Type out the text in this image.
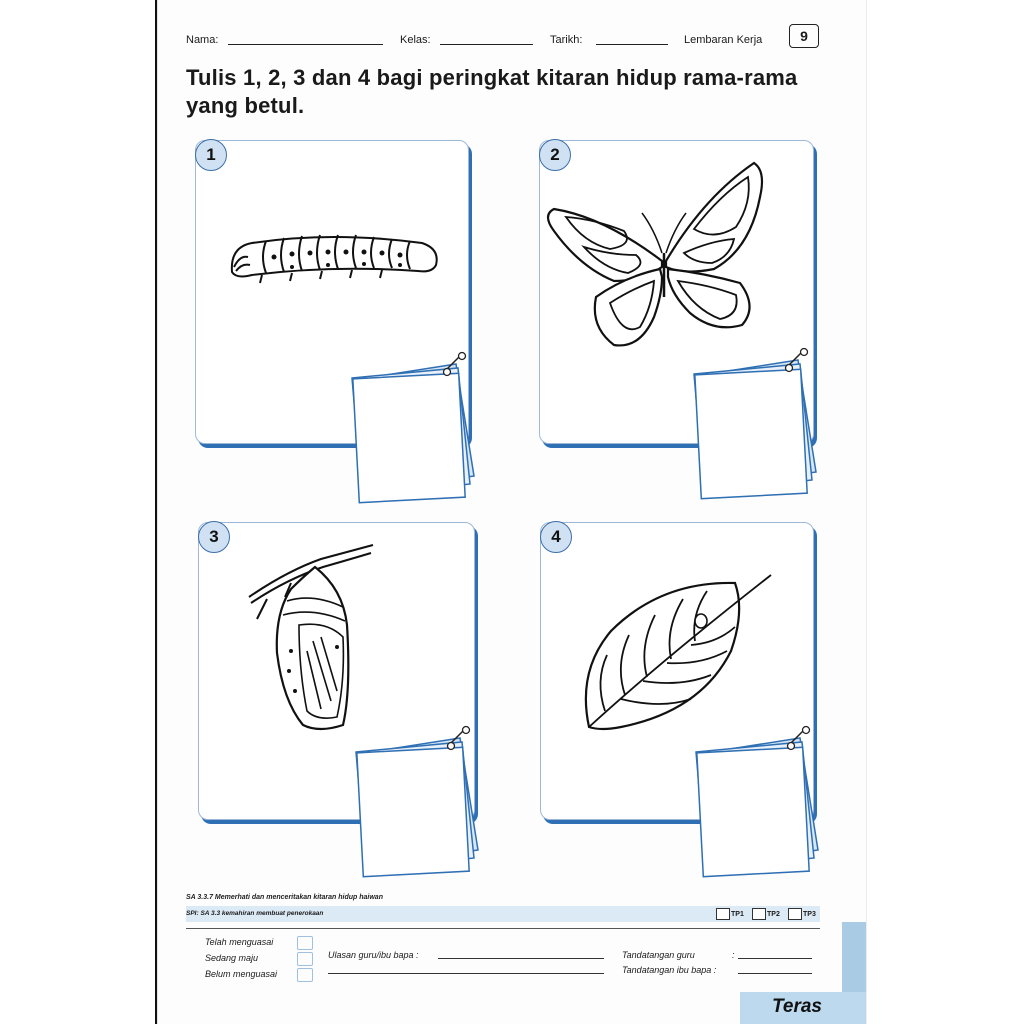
Teras
Nama:	Kelas:	Tarikh:	Lembaran Kerja	9
Tulis 1, 2, 3 dan 4 bagi peringkat kitaran hidup rama-rama yang betul.
1	2
3	4
SA 3.3.7 Memerhati dan menceritakan kitaran hidup haiwan
SPI: SA 3.3 kemahiran membuat penerokaan	TP1	TP2	TP3
Telah menguasai
Sedang maju
Belum menguasai
Ulasan guru/ibu bapa :	Tandatangan guru	:
Tandatangan ibu bapa :
